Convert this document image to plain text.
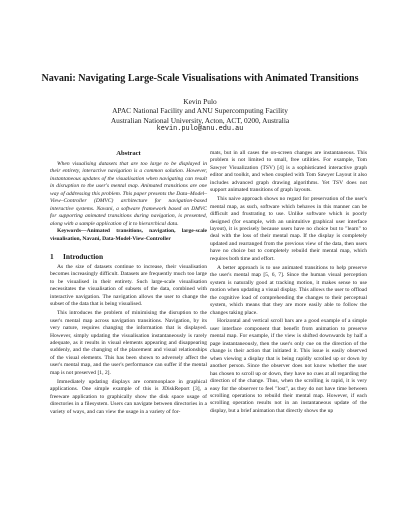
Navani: Navigating Large-Scale Visualisations with Animated Transitions
Kevin Pulo
APAC National Facility and ANU Supercomputing Facility
Australian National University, Acton, ACT, 0200, Australia
kevin.pulo@anu.edu.au
Abstract

When visualising datasets that are too large to be displayed in their entirety, interactive navigation is a common solution. However, instantaneous updates of the visualisation when navigating can result in disruption to the user's mental map. Animated transitions are one way of addressing this problem. This paper presents the Data–Model–View–Controller (DMVC) architecture for navigation-based interactive systems. Navani, a software framework based on DMVC for supporting animated transitions during navigation, is presented, along with a sample application of it to hierarchical data.

Keywords—Animated transitions, navigation, large-scale visualisation, Navani, Data-Model-View-Controller

1 Introduction

As the size of datasets continue to increase, their visualisation becomes increasingly difficult. Datasets are frequently much too large to be visualised in their entirety. Such large-scale visualisation necessitates the visualisation of subsets of the data, combined with interactive navigation. The navigation allows the user to change the subset of the data that is being visualised.

This introduces the problem of minimising the disruption to the user's mental map across navigation transitions. Navigation, by its very nature, requires changing the information that is displayed. However, simply updating the visualisation instantaneously is rarely adequate, as it results in visual elements appearing and disappearing suddenly, and the changing of the placement and visual relationships of the visual elements. This has been shown to adversely affect the user's mental map, and the user's performance can suffer if the mental map is not preserved [1, 2].

Immediately updating displays are commonplace in graphical applications. One simple example of this is JDiskReport [3], a freeware application to graphically show the disk space usage of directories in a filesystem. Users can navigate between directories in a variety of ways, and can view the usage in a variety of for-

mats, but in all cases the on-screen changes are instantaneous. This problem is not limited to small, free utilities. For example, Tom Sawyer Visualization (TSV) [4] is a sophisticated interactive graph editor and toolkit, and when coupled with Tom Sawyer Layout it also includes advanced graph drawing algorithms. Yet TSV does not support animated transitions of graph layouts.

This naive approach shows no regard for preservation of the user's mental map, as such, software which behaves in this manner can be difficult and frustrating to use. Unlike software which is poorly designed (for example, with an unintuitive graphical user interface layout), it is precisely because users have no choice but to "learn" to deal with the loss of their mental map. If the display is completely updated and rearranged from the previous view of the data, then users have no choice but to completely rebuild their mental map, which requires both time and effort.

A better approach is to use animated transitions to help preserve the user's mental map [5, 6, 7]. Since the human visual perception system is naturally good at tracking motion, it makes sense to use motion when updating a visual display. This allows the user to offload the cognitive load of comprehending the changes to their perceptual system, which means that they are more easily able to follow the changes taking place.

Horizontal and vertical scroll bars are a good example of a simple user interface component that benefit from animation to preserve mental map. For example, if the view is shifted downwards by half a page instantaneously, then the user's only cue on the direction of the change is their action that initiated it. This issue is easily observed when viewing a display that is being rapidly scrolled up or down by another person. Since the observer does not know whether the user has chosen to scroll up or down, they have no cues at all regarding the direction of the change. Thus, when the scrolling is rapid, it is very easy for the observer to feel "lost", as they do not have time between scrolling operations to rebuild their mental map. However, if each scrolling operation results not in an instantaneous update of the display, but a brief animation that directly shows the up
